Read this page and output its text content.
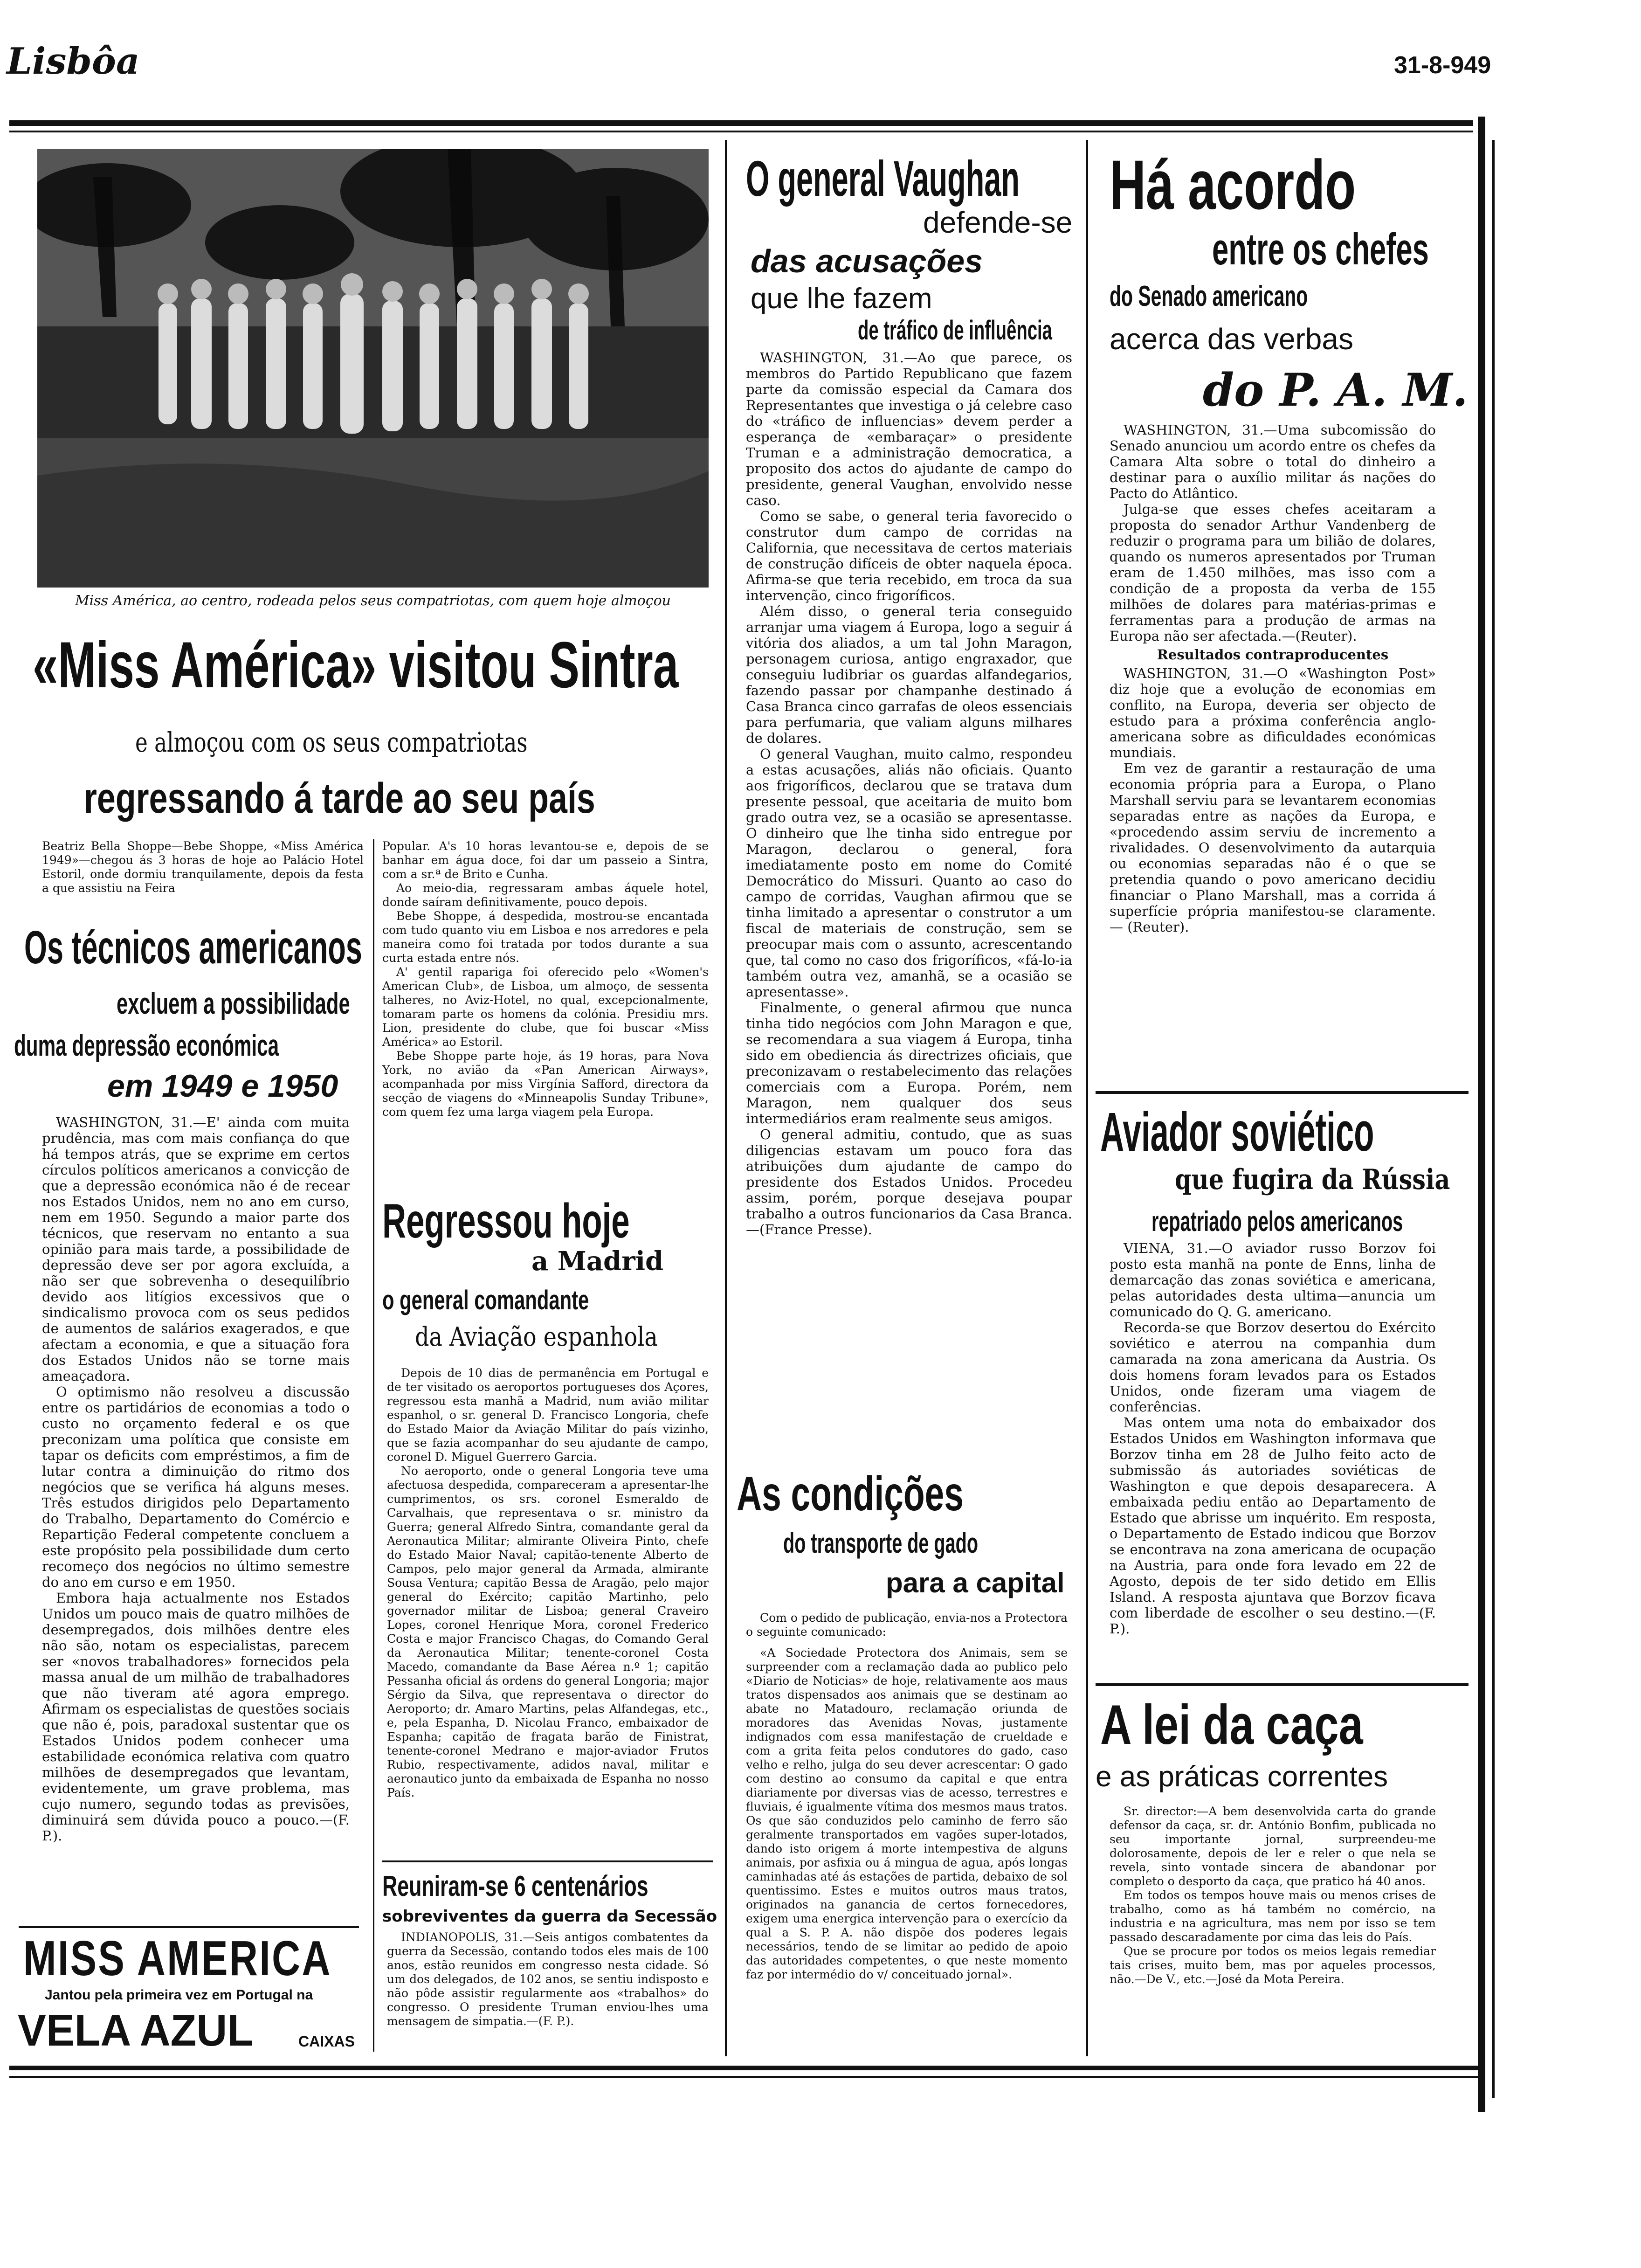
Lisbôa	31-8-949
Miss América, ao centro, rodeada pelos seus compatriotas, com quem hoje almoçou
«Miss América» visitou Sintra
e almoçou com os seus compatriotas
regressando á tarde ao seu país
Beatriz Bella Shoppe—Bebe Shoppe, «Miss América 1949»—chegou ás 3 horas de hoje ao Palácio Hotel Estoril, onde dormiu tranquilamente, depois da festa a que assistiu na Feira

Popular. A's 10 horas levantou-se e, depois de se banhar em água doce, foi dar um passeio a Sintra, com a sr.ª de Brito e Cunha.

Ao meio-dia, regressaram ambas áquele hotel, donde saíram definitivamente, pouco depois.

Bebe Shoppe, á despedida, mostrou-se encantada com tudo quanto viu em Lisboa e nos arredores e pela maneira como foi tratada por todos durante a sua curta estada entre nós.

A' gentil rapariga foi oferecido pelo «Women's American Club», de Lisboa, um almoço, de sessenta talheres, no Aviz-Hotel, no qual, excepcionalmente, tomaram parte os homens da colónia. Presidiu mrs. Lion, presidente do clube, que foi buscar «Miss América» ao Estoril.

Bebe Shoppe parte hoje, ás 19 horas, para Nova York, no avião da «Pan American Airways», acompanhada por miss Virgínia Safford, directora da secção de viagens do «Minneapolis Sunday Tribune», com quem fez uma larga viagem pela Europa.

Os técnicos americanos
excluem a possibilidade
duma depressão económica
em 1949 e 1950

WASHINGTON, 31.—E' ainda com muita prudência, mas com mais confiança do que há tempos atrás, que se exprime em certos círculos políticos americanos a convicção de que a depressão económica não é de recear nos Estados Unidos, nem no ano em curso, nem em 1950. Segundo a maior parte dos técnicos, que reservam no entanto a sua opinião para mais tarde, a possibilidade de depressão deve ser por agora excluída, a não ser que sobrevenha o desequilíbrio devido aos litígios excessivos que o sindicalismo provoca com os seus pedidos de aumentos de salários exagerados, e que afectam a economia, e que a situação fora dos Estados Unidos não se torne mais ameaçadora.

O optimismo não resolveu a discussão entre os partidários de economias a todo o custo no orçamento federal e os que preconizam uma política que consiste em tapar os deficits com empréstimos, a fim de lutar contra a diminuição do ritmo dos negócios que se verifica há alguns meses. Três estudos dirigidos pelo Departamento do Trabalho, Departamento do Comércio e Repartição Federal competente concluem a este propósito pela possibilidade dum certo recomeço dos negócios no último semestre do ano em curso e em 1950.

Embora haja actualmente nos Estados Unidos um pouco mais de quatro milhões de desempregados, dois milhões dentre eles não são, notam os especialistas, parecem ser «novos trabalhadores» fornecidos pela massa anual de um milhão de trabalhadores que não tiveram até agora emprego. Afirmam os especialistas de questões sociais que não é, pois, paradoxal sustentar que os Estados Unidos podem conhecer uma estabilidade económica relativa com quatro milhões de desempregados que levantam, evidentemente, um grave problema, mas cujo numero, segundo todas as previsões, diminuirá sem dúvida pouco a pouco.—(F. P.).

MISS AMERICA
Jantou pela primeira vez em Portugal na
VELA AZUL	CAIXAS
Regressou hoje
a Madrid
o general comandante
da Aviação espanhola

Depois de 10 dias de permanência em Portugal e de ter visitado os aeroportos portugueses dos Açores, regressou esta manhã a Madrid, num avião militar espanhol, o sr. general D. Francisco Longoria, chefe do Estado Maior da Aviação Militar do país vizinho, que se fazia acompanhar do seu ajudante de campo, coronel D. Miguel Guerrero Garcia.

No aeroporto, onde o general Longoria teve uma afectuosa despedida, compareceram a apresentar-lhe cumprimentos, os srs. coronel Esmeraldo de Carvalhais, que representava o sr. ministro da Guerra; general Alfredo Sintra, comandante geral da Aeronautica Militar; almirante Oliveira Pinto, chefe do Estado Maior Naval; capitão-tenente Alberto de Campos, pelo major general da Armada, almirante Sousa Ventura; capitão Bessa de Aragão, pelo major general do Exército; capitão Martinho, pelo governador militar de Lisboa; general Craveiro Lopes, coronel Henrique Mora, coronel Frederico Costa e major Francisco Chagas, do Comando Geral da Aeronautica Militar; tenente-coronel Costa Macedo, comandante da Base Aérea n.º 1; capitão Pessanha oficial ás ordens do general Longoria; major Sérgio da Silva, que representava o director do Aeroporto; dr. Amaro Martins, pelas Alfandegas, etc., e, pela Espanha, D. Nicolau Franco, embaixador de Espanha; capitão de fragata barão de Finistrat, tenente-coronel Medrano e major-aviador Frutos Rubio, respectivamente, adidos naval, militar e aeronautico junto da embaixada de Espanha no nosso País.

Reuniram-se 6 centenários
sobreviventes da guerra da Secessão
INDIANOPOLIS, 31.—Seis antigos combatentes da guerra da Secessão, contando todos eles mais de 100 anos, estão reunidos em congresso nesta cidade. Só um dos delegados, de 102 anos, se sentiu indisposto e não pôde assistir regularmente aos «trabalhos» do congresso. O presidente Truman enviou-lhes uma mensagem de simpatia.—(F. P.).
O general Vaughan
defende-se
das acusações
que lhe fazem
de tráfico de influência

WASHINGTON, 31.—Ao que parece, os membros do Partido Republicano que fazem parte da comissão especial da Camara dos Representantes que investiga o já celebre caso do «tráfico de influencias» devem perder a esperança de «embaraçar» o presidente Truman e a administração democratica, a proposito dos actos do ajudante de campo do presidente, general Vaughan, envolvido nesse caso.

Como se sabe, o general teria favorecido o construtor dum campo de corridas na California, que necessitava de certos materiais de construção difíceis de obter naquela época. Afirma-se que teria recebido, em troca da sua intervenção, cinco frigoríficos.

Além disso, o general teria conseguido arranjar uma viagem á Europa, logo a seguir á vitória dos aliados, a um tal John Maragon, personagem curiosa, antigo engraxador, que conseguiu ludibriar os guardas alfandegarios, fazendo passar por champanhe destinado á Casa Branca cinco garrafas de oleos essenciais para perfumaria, que valiam alguns milhares de dolares.

O general Vaughan, muito calmo, respondeu a estas acusações, aliás não oficiais. Quanto aos frigoríficos, declarou que se tratava dum presente pessoal, que aceitaria de muito bom grado outra vez, se a ocasião se apresentasse. O dinheiro que lhe tinha sido entregue por Maragon, declarou o general, fora imediatamente posto em nome do Comité Democrático do Missuri. Quanto ao caso do campo de corridas, Vaughan afirmou que se tinha limitado a apresentar o construtor a um fiscal de materiais de construção, sem se preocupar mais com o assunto, acrescentando que, tal como no caso dos frigoríficos, «fá-lo-ia também outra vez, amanhã, se a ocasião se apresentasse».

Finalmente, o general afirmou que nunca tinha tido negócios com John Maragon e que, se recomendara a sua viagem á Europa, tinha sido em obediencia ás directrizes oficiais, que preconizavam o restabelecimento das relações comerciais com a Europa. Porém, nem Maragon, nem qualquer dos seus intermediários eram realmente seus amigos.

O general admitiu, contudo, que as suas diligencias estavam um pouco fora das atribuições dum ajudante de campo do presidente dos Estados Unidos. Procedeu assim, porém, porque desejava poupar trabalho a outros funcionarios da Casa Branca.—(France Presse).

As condições
do transporte de gado
para a capital
Com o pedido de publicação, envia-nos a Protectora o seguinte comunicado:
«A Sociedade Protectora dos Animais, sem se surpreender com a reclamação dada ao publico pelo «Diario de Noticias» de hoje, relativamente aos maus tratos dispensados aos animais que se destinam ao abate no Matadouro, reclamação oriunda de moradores das Avenidas Novas, justamente indignados com essa manifestação de crueldade e com a grita feita pelos condutores do gado, caso velho e relho, julga do seu dever acrescentar: O gado com destino ao consumo da capital e que entra diariamente por diversas vias de acesso, terrestres e fluviais, é igualmente vítima dos mesmos maus tratos. Os que são conduzidos pelo caminho de ferro são geralmente transportados em vagões super-lotados, dando isto origem á morte intempestiva de alguns animais, por asfixia ou á mingua de agua, após longas caminhadas até ás estações de partida, debaixo de sol quentissimo. Estes e muitos outros maus tratos, originados na ganancia de certos fornecedores, exigem uma energica intervenção para o exercício da qual a S. P. A. não dispõe dos poderes legais necessários, tendo de se limitar ao pedido de apoio das autoridades competentes, o que neste momento faz por intermédio do v/ conceituado jornal».
Há acordo
entre os chefes
do Senado americano
acerca das verbas
do P. A. M.

WASHINGTON, 31.—Uma subcomissão do Senado anunciou um acordo entre os chefes da Camara Alta sobre o total do dinheiro a destinar para o auxílio militar ás nações do Pacto do Atlântico.

Julga-se que esses chefes aceitaram a proposta do senador Arthur Vandenberg de reduzir o programa para um bilião de dolares, quando os numeros apresentados por Truman eram de 1.450 milhões, mas isso com a condição de a proposta da verba de 155 milhões de dolares para matérias-primas e ferramentas para a produção de armas na Europa não ser afectada.—(Reuter).

Resultados contraproducentes

WASHINGTON, 31.—O «Washington Post» diz hoje que a evolução de economias em conflito, na Europa, deveria ser objecto de estudo para a próxima conferência anglo-americana sobre as dificuldades económicas mundiais.

Em vez de garantir a restauração de uma economia própria para a Europa, o Plano Marshall serviu para se levantarem economias separadas entre as nações da Europa, e «procedendo assim serviu de incremento a rivalidades. O desenvolvimento da autarquia ou economias separadas não é o que se pretendia quando o povo americano decidiu financiar o Plano Marshall, mas a corrida á superfície própria manifestou-se claramente. — (Reuter).

Aviador soviético
que fugira da Rússia
repatriado pelos americanos

VIENA, 31.—O aviador russo Borzov foi posto esta manhã na ponte de Enns, linha de demarcação das zonas soviética e americana, pelas autoridades desta ultima—anuncia um comunicado do Q. G. americano.

Recorda-se que Borzov desertou do Exército soviético e aterrou na companhia dum camarada na zona americana da Austria. Os dois homens foram levados para os Estados Unidos, onde fizeram uma viagem de conferências.

Mas ontem uma nota do embaixador dos Estados Unidos em Washington informava que Borzov tinha em 28 de Julho feito acto de submissão ás autoriades soviéticas de Washington e que depois desaparecera. A embaixada pediu então ao Departamento de Estado que abrisse um inquérito. Em resposta, o Departamento de Estado indicou que Borzov se encontrava na zona americana de ocupação na Austria, para onde fora levado em 22 de Agosto, depois de ter sido detido em Ellis Island. A resposta ajuntava que Borzov ficava com liberdade de escolher o seu destino.—(F. P.).

A lei da caça
e as práticas correntes

Sr. director:—A bem desenvolvida carta do grande defensor da caça, sr. dr. António Bonfim, publicada no seu importante jornal, surpreendeu-me dolorosamente, depois de ler e reler o que nela se revela, sinto vontade sincera de abandonar por completo o desporto da caça, que pratico há 40 anos.

Em todos os tempos houve mais ou menos crises de trabalho, como as há também no comércio, na industria e na agricultura, mas nem por isso se tem passado descaradamente por cima das leis do País.

Que se procure por todos os meios legais remediar tais crises, muito bem, mas por aqueles processos, não.—De V., etc.—José da Mota Pereira.
